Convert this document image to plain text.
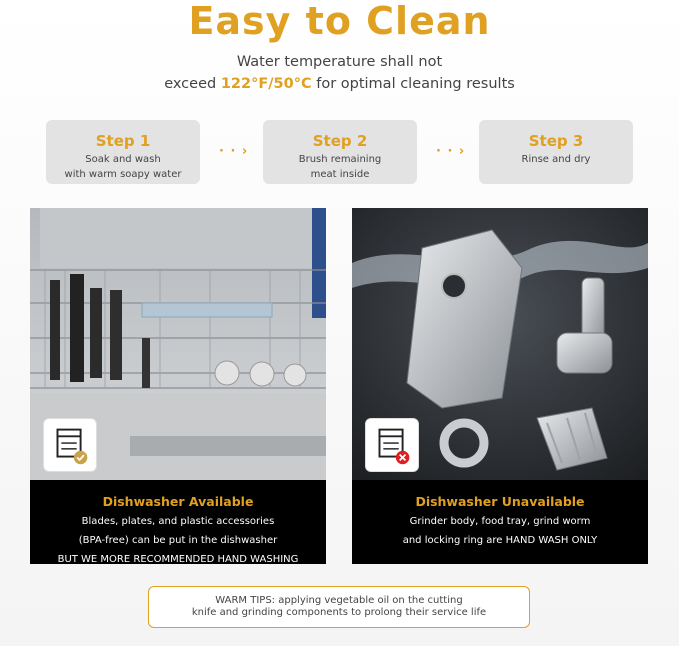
Easy to Clean
Water temperature shall not
exceed 122°F/50°C for optimal cleaning results
Step 1
Soak and wash
with warm soapy water
· · ›
Step 2
Brush remaining
meat inside
· · ›
Step 3
Rinse and dry
Dishwasher Available
Blades, plates, and plastic accessories
(BPA-free) can be put in the dishwasher
BUT WE MORE RECOMMENDED HAND WASHING
Dishwasher Unavailable
Grinder body, food tray, grind worm
and locking ring are HAND WASH ONLY
WARM TIPS: applying vegetable oil on the cutting
knife and grinding components to prolong their service life
